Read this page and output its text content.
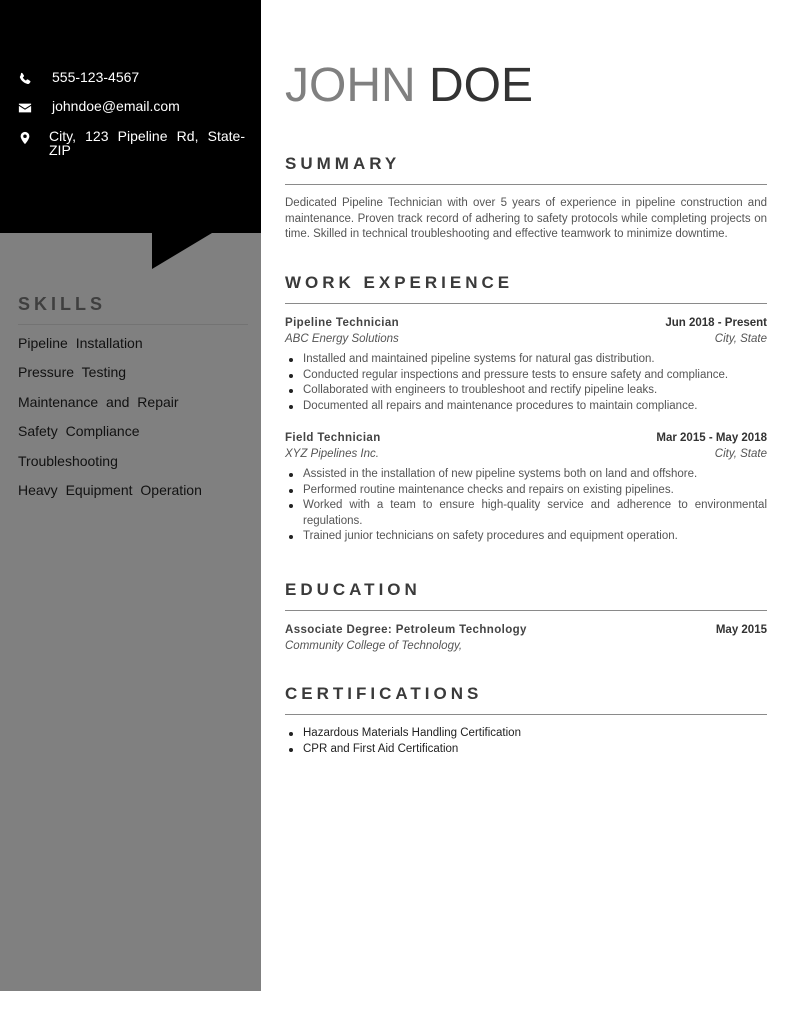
555-123-4567
johndoe@email.com
City, 123 Pipeline Rd, State-ZIP
SKILLS
Pipeline Installation
Pressure Testing
Maintenance and Repair
Safety Compliance
Troubleshooting
Heavy Equipment Operation
JOHN DOE
SUMMARY

Dedicated Pipeline Technician with over 5 years of experience in pipeline construction and maintenance. Proven track record of adhering to safety protocols while completing projects on time. Skilled in technical troubleshooting and effective teamwork to minimize downtime.

WORK EXPERIENCE
Pipeline Technician	Jun 2018 - Present
ABC Energy Solutions	City, State
Installed and maintained pipeline systems for natural gas distribution.
Conducted regular inspections and pressure tests to ensure safety and compliance.
Collaborated with engineers to troubleshoot and rectify pipeline leaks.
Documented all repairs and maintenance procedures to maintain compliance.
Field Technician	Mar 2015 - May 2018
XYZ Pipelines Inc.	City, State
Assisted in the installation of new pipeline systems both on land and offshore.
Performed routine maintenance checks and repairs on existing pipelines.
Worked with a team to ensure high-quality service and adherence to environmental regulations.
Trained junior technicians on safety procedures and equipment operation.
EDUCATION
Associate Degree: Petroleum Technology	May 2015
Community College of Technology,
CERTIFICATIONS
Hazardous Materials Handling Certification
CPR and First Aid Certification
